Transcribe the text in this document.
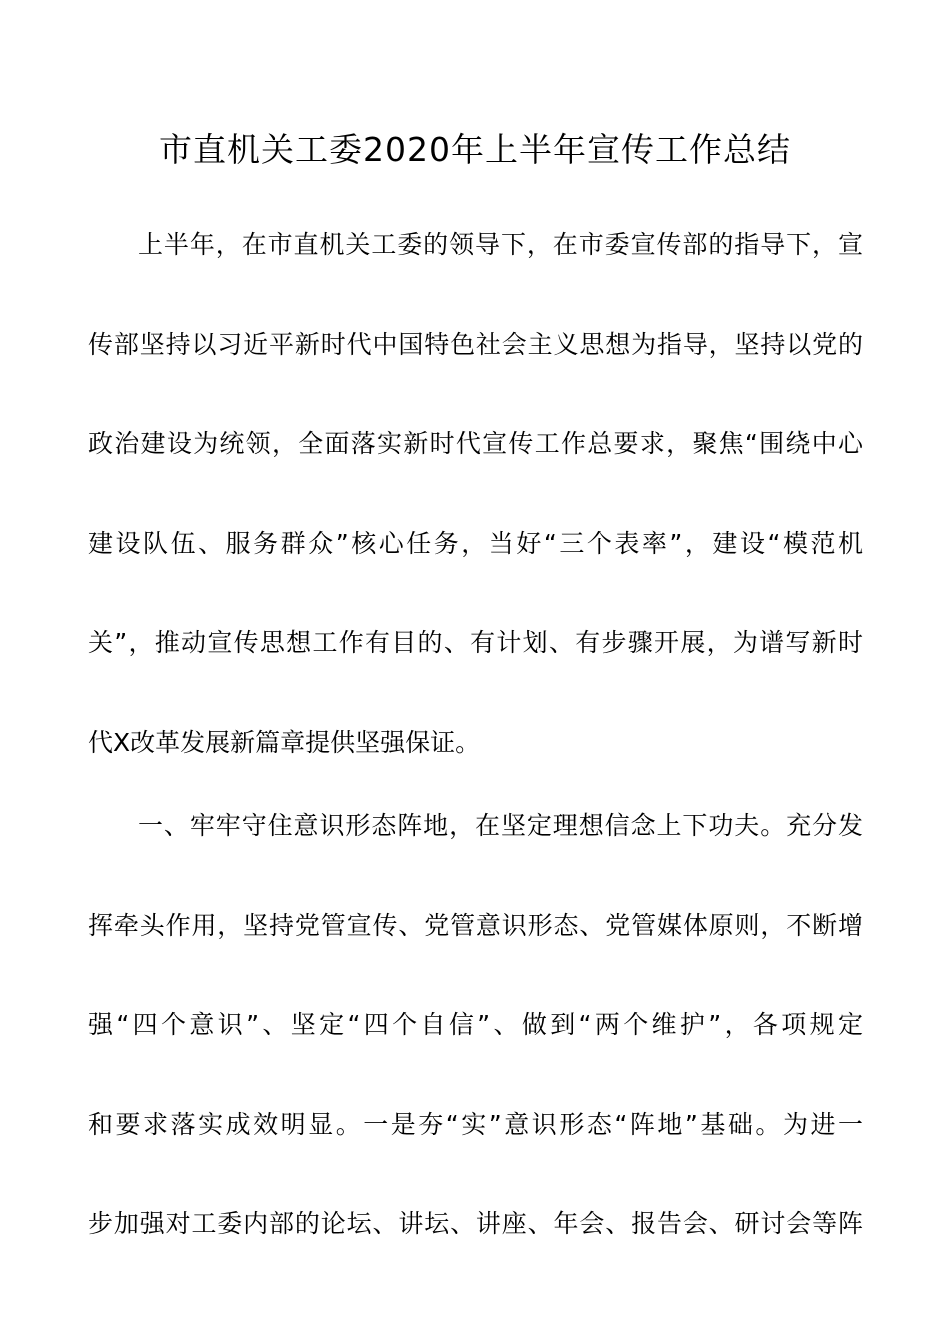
市直机关工委2020年上半年宣传工作总结
上半年，在市直机关工委的领导下，在市委宣传部的指导下，宣
传部坚持以习近平新时代中国特色社会主义思想为指导，坚持以党的
政治建设为统领，全面落实新时代宣传工作总要求，聚焦“围绕中心
建设队伍、服务群众”核心任务，当好“三个表率”，建设“模范机
关”，推动宣传思想工作有目的、有计划、有步骤开展，为谱写新时
代X改革发展新篇章提供坚强保证。
一、牢牢守住意识形态阵地，在坚定理想信念上下功夫。充分发
挥牵头作用，坚持党管宣传、党管意识形态、党管媒体原则，不断增
强“四个意识”、坚定“四个自信”、做到“两个维护”，各项规定
和要求落实成效明显。一是夯“实”意识形态“阵地”基础。为进一
步加强对工委内部的论坛、讲坛、讲座、年会、报告会、研讨会等阵
